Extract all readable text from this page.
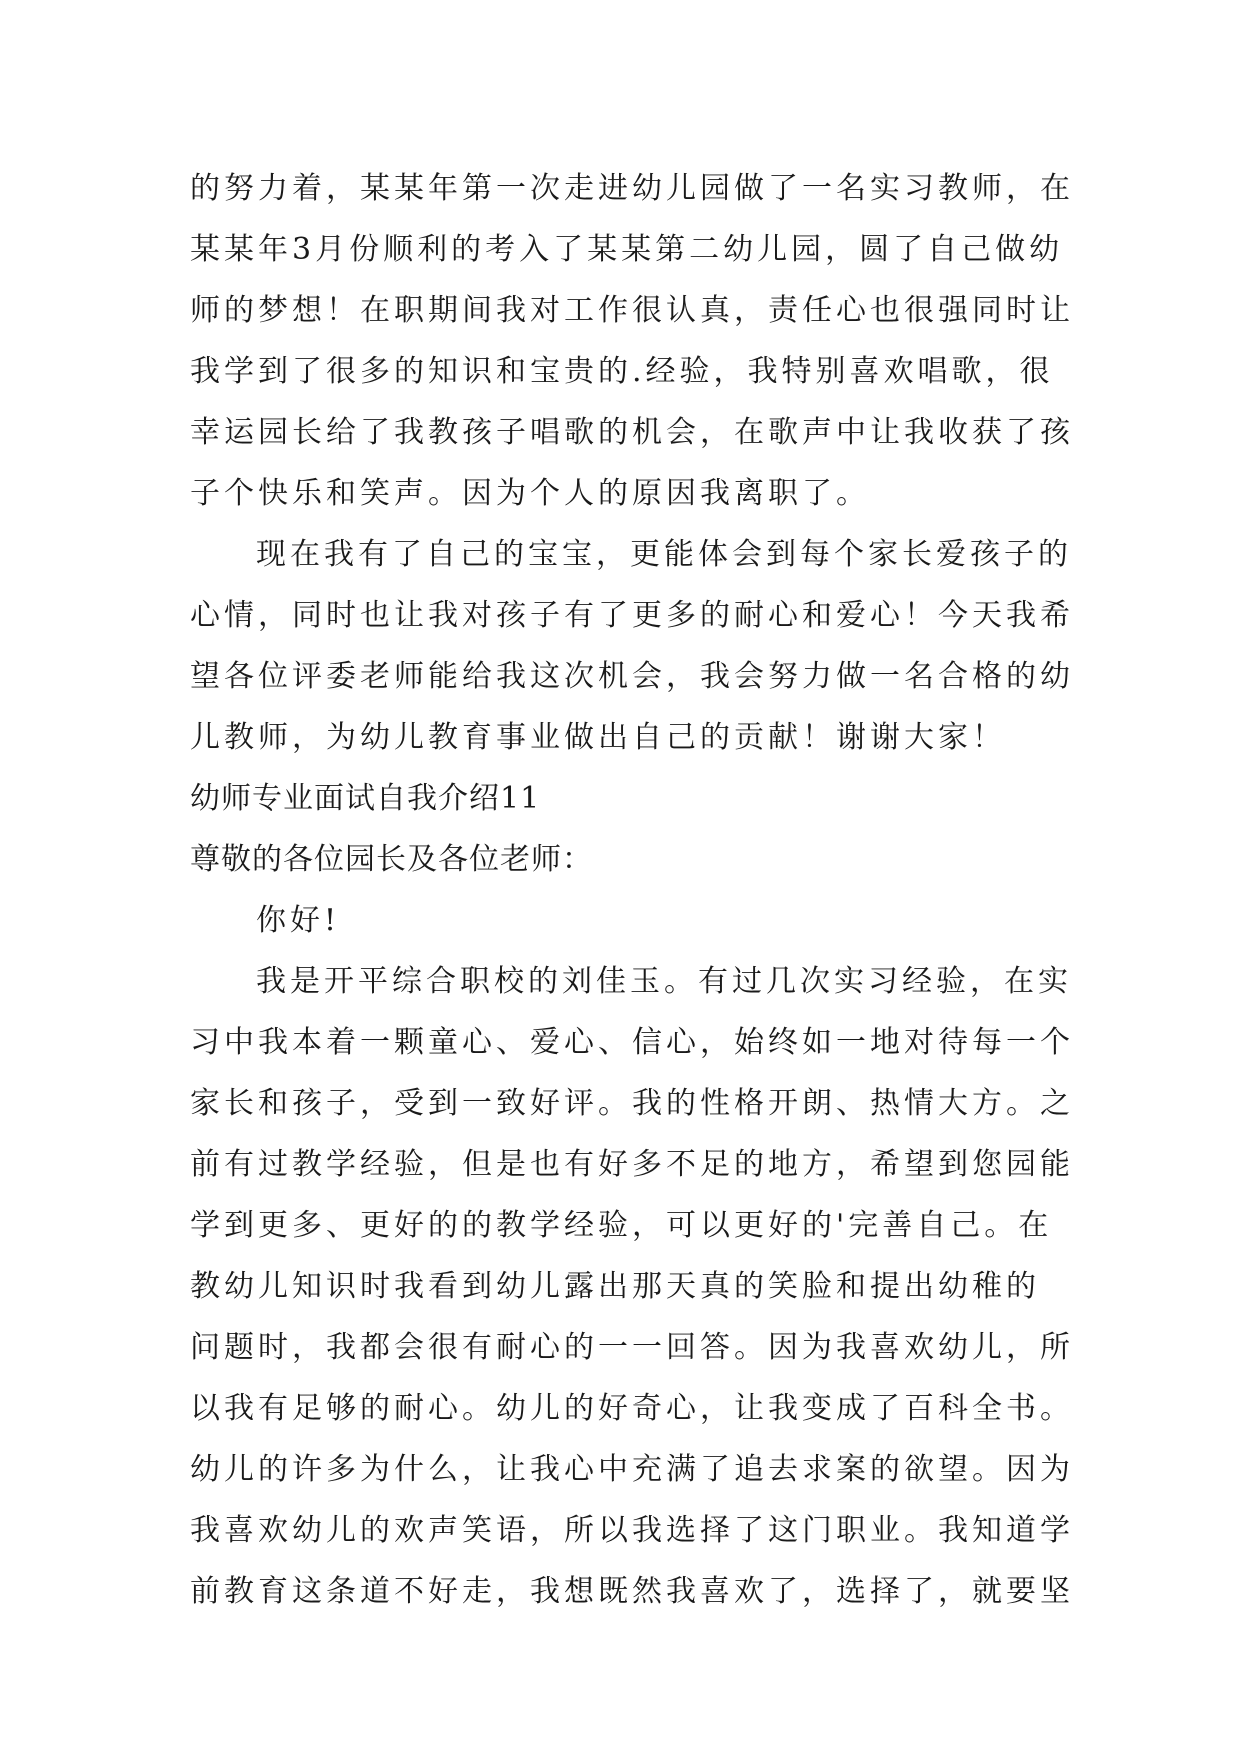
的努力着，某某年第一次走进幼儿园做了一名实习教师，在
某某年3月份顺利的考入了某某第二幼儿园，圆了自己做幼
师的梦想！在职期间我对工作很认真，责任心也很强同时让
我学到了很多的知识和宝贵的.经验，我特别喜欢唱歌，很
幸运园长给了我教孩子唱歌的机会，在歌声中让我收获了孩
子个快乐和笑声。因为个人的原因我离职了。
现在我有了自己的宝宝，更能体会到每个家长爱孩子的
心情，同时也让我对孩子有了更多的耐心和爱心！今天我希
望各位评委老师能给我这次机会，我会努力做一名合格的幼
儿教师，为幼儿教育事业做出自己的贡献！谢谢大家！
幼师专业面试自我介绍11
尊敬的各位园长及各位老师：
你好!
我是开平综合职校的刘佳玉。有过几次实习经验，在实
习中我本着一颗童心、爱心、信心，始终如一地对待每一个
家长和孩子，受到一致好评。我的性格开朗、热情大方。之
前有过教学经验，但是也有好多不足的地方，希望到您园能
学到更多、更好的的教学经验，可以更好的'完善自己。在
教幼儿知识时我看到幼儿露出那天真的笑脸和提出幼稚的
问题时，我都会很有耐心的一一回答。因为我喜欢幼儿，所
以我有足够的耐心。幼儿的好奇心，让我变成了百科全书。
幼儿的许多为什么，让我心中充满了追去求案的欲望。因为
我喜欢幼儿的欢声笑语，所以我选择了这门职业。我知道学
前教育这条道不好走，我想既然我喜欢了，选择了，就要坚
